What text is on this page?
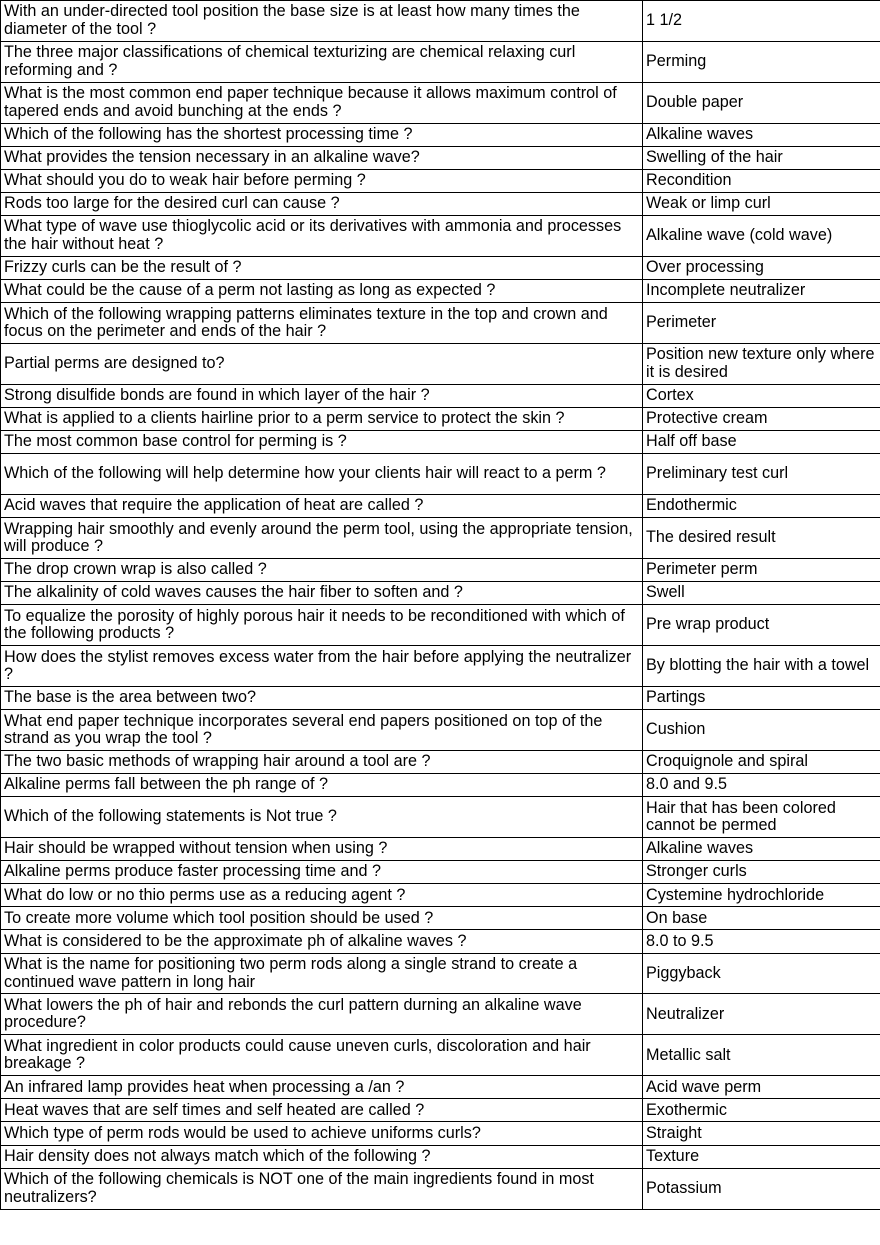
With an under-directed tool position the base size is at least how many times the diameter of the tool ?	1 1/2
The three major classifications of chemical texturizing are chemical relaxing curl reforming and ?	Perming
What is the most common end paper technique because it allows maximum control of tapered ends and avoid bunching at the ends ?	Double paper
Which of the following has the shortest processing time ?	Alkaline waves
What provides the tension necessary in an alkaline wave?	Swelling of the hair
What should you do to weak hair before perming ?	Recondition
Rods too large for the desired curl can cause ?	Weak or limp curl
What type of wave use thioglycolic acid or its derivatives with ammonia and processes the hair without heat ?	Alkaline wave (cold wave)
Frizzy curls can be the result of ?	Over processing
What could be the cause of a perm not lasting as long as expected ?	Incomplete neutralizer
Which of the following wrapping patterns eliminates texture in the top and crown and focus on the perimeter and ends of the hair ?	Perimeter
Partial perms are designed to?	Position new texture only where it is desired
Strong disulfide bonds are found in which layer of the hair ?	Cortex
What is applied to a clients hairline prior to a perm service to protect the skin ?	Protective cream
The most common base control for perming is ?	Half off base
Which of the following will help determine how your clients hair will react to a perm ?	Preliminary test curl
Acid waves that require the application of heat are called ?	Endothermic
Wrapping hair smoothly and evenly around the perm tool, using the appropriate tension, will produce ?	The desired result
The drop crown wrap is also called ?	Perimeter perm
The alkalinity of cold waves causes the hair fiber to soften and ?	Swell
To equalize the porosity of highly porous hair it needs to be reconditioned with which of the following products ?	Pre wrap product
How does the stylist removes excess water from the hair before applying the neutralizer ?	By blotting the hair with a towel
The base is the area between two?	Partings
What end paper technique incorporates several end papers positioned on top of the strand as you wrap the tool ?	Cushion
The two basic methods of wrapping hair around a tool are ?	Croquignole and spiral
Alkaline perms fall between the ph range of ?	8.0 and 9.5
Which of the following statements is Not true ?	Hair that has been colored cannot be permed
Hair should be wrapped without tension when using ?	Alkaline waves
Alkaline perms produce faster processing time and ?	Stronger curls
What do low or no thio perms use as a reducing agent ?	Cystemine hydrochloride
To create more volume which tool position should be used ?	On base
What is considered to be the approximate ph of alkaline waves ?	8.0 to 9.5
What is the name for positioning two perm rods along a single strand to create a continued wave pattern in long hair	Piggyback
What lowers the ph of hair and rebonds the curl pattern durning an alkaline wave procedure?	Neutralizer
What ingredient in color products could cause uneven curls, discoloration and hair breakage ?	Metallic salt
An infrared lamp provides heat when processing a /an ?	Acid wave perm
Heat waves that are self times and self heated are called ?	Exothermic
Which type of perm rods would be used to achieve uniforms curls?	Straight
Hair density does not always match which of the following ?	Texture
Which of the following chemicals is NOT one of the main ingredients found in most neutralizers?	Potassium
